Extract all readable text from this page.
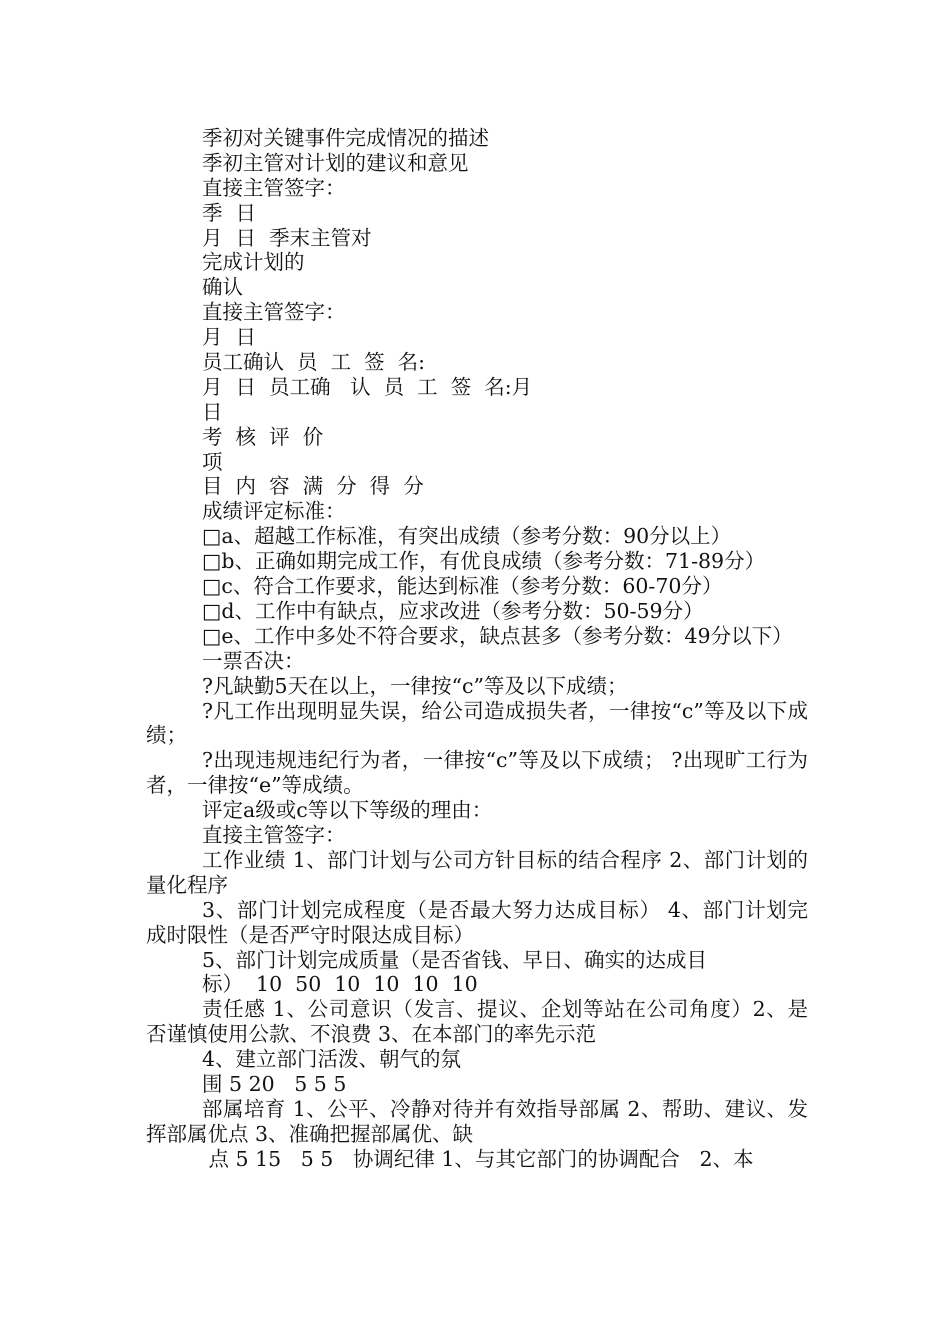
季初对关键事件完成情况的描述
季初主管对计划的建议和意见
直接主管签字：
季  日
月  日  季末主管对
完成计划的
确认
直接主管签字：
月  日
员工确认  员  工  签  名:
月  日  员工确   认  员  工  签  名:月
日
考  核  评  价
项
目  内  容  满  分  得  分
成绩评定标准：
□a、超越工作标准，有突出成绩（参考分数：90分以上）
□b、正确如期完成工作，有优良成绩（参考分数：71-89分）
□c、符合工作要求，能达到标准（参考分数：60-70分）
□d、工作中有缺点，应求改进（参考分数：50-59分）
□e、工作中多处不符合要求，缺点甚多（参考分数：49分以下）
一票否决：
?凡缺勤5天在以上，一律按“c”等及以下成绩；
?凡工作出现明显失误，给公司造成损失者，一律按“c”等及以下成绩；
?出现违规违纪行为者，一律按“c”等及以下成绩； ?出现旷工行为者，一律按“e”等成绩。
评定a级或c等以下等级的理由：
直接主管签字：
工作业绩 1、部门计划与公司方针目标的结合程序 2、部门计划的量化程序
3、部门计划完成程度（是否最大努力达成目标） 4、部门计划完成时限性（是否严守时限达成目标）
5、部门计划完成质量（是否省钱、早日、确实的达成目
标）  10  50  10  10  10  10
责任感 1、公司意识（发言、提议、企划等站在公司角度）2、是否谨慎使用公款、不浪费 3、在本部门的率先示范
4、建立部门活泼、朝气的氛
围 5 20   5 5 5
部属培育 1、公平、冷静对待并有效指导部属 2、帮助、建议、发挥部属优点 3、准确把握部属优、缺
点 5 15   5 5   协调纪律 1、与其它部门的协调配合   2、本
